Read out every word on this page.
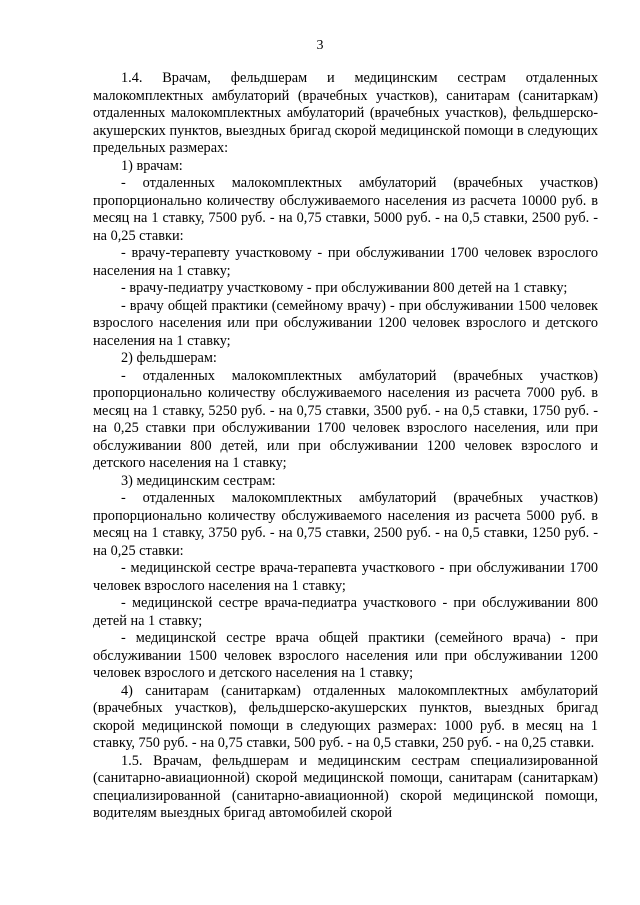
3

1.4. Врачам, фельдшерам и медицинским сестрам отдаленных малокомплектных амбулаторий (врачебных участков), санитарам (санитаркам) отдаленных малокомплектных амбулаторий (врачебных участков), фельдшерско-акушерских пунктов, выездных бригад скорой медицинской помощи в следующих предельных размерах:

1) врачам:

- отдаленных малокомплектных амбулаторий (врачебных участков) пропорционально количеству обслуживаемого населения из расчета 10000 руб. в месяц на 1 ставку, 7500 руб. - на 0,75 ставки, 5000 руб. - на 0,5 ставки, 2500 руб. - на 0,25 ставки:

- врачу-терапевту участковому - при обслуживании 1700 человек взрослого населения на 1 ставку;

- врачу-педиатру участковому - при обслуживании 800 детей на 1 ставку;

- врачу общей практики (семейному врачу) - при обслуживании 1500 человек взрослого населения или при обслуживании 1200 человек взрослого и детского населения на 1 ставку;

2) фельдшерам:

- отдаленных малокомплектных амбулаторий (врачебных участков) пропорционально количеству обслуживаемого населения из расчета 7000 руб. в месяц на 1 ставку, 5250 руб. - на 0,75 ставки, 3500 руб. - на 0,5 ставки, 1750 руб. - на 0,25 ставки при обслуживании 1700 человек взрослого населения, или при обслуживании 800 детей, или при обслуживании 1200 человек взрослого и детского населения на 1 ставку;

3) медицинским сестрам:

- отдаленных малокомплектных амбулаторий (врачебных участков) пропорционально количеству обслуживаемого населения из расчета 5000 руб. в месяц на 1 ставку, 3750 руб. - на 0,75 ставки, 2500 руб. - на 0,5 ставки, 1250 руб. - на 0,25 ставки:

- медицинской сестре врача-терапевта участкового - при обслуживании 1700 человек взрослого населения на 1 ставку;

- медицинской сестре врача-педиатра участкового - при обслуживании 800 детей на 1 ставку;

- медицинской сестре врача общей практики (семейного врача) - при обслуживании 1500 человек взрослого населения или при обслуживании 1200 человек взрослого и детского населения на 1 ставку;

4) санитарам (санитаркам) отдаленных малокомплектных амбулаторий (врачебных участков), фельдшерско-акушерских пунктов, выездных бригад скорой медицинской помощи в следующих размерах: 1000 руб. в месяц на 1 ставку, 750 руб. - на 0,75 ставки, 500 руб. - на 0,5 ставки, 250 руб. - на 0,25 ставки.

1.5. Врачам, фельдшерам и медицинским сестрам специализированной (санитарно-авиационной) скорой медицинской помощи, санитарам (санитаркам) специализированной (санитарно-авиационной) скорой медицинской помощи, водителям выездных бригад автомобилей скорой
